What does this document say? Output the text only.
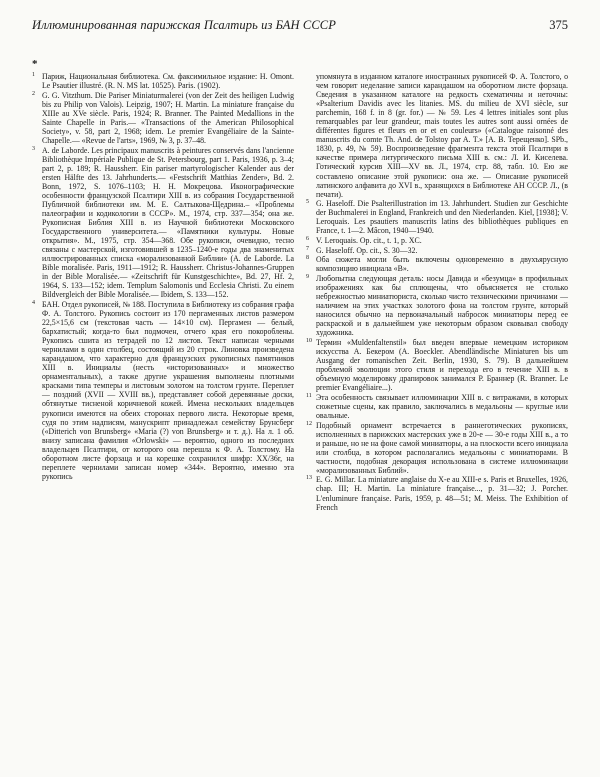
Иллюминированная парижская Псалтирь из БАН СССР	375
*
1 Париж, Национальная библиотека. См. факсимильное издание: H. Omont. Le Psautier illustré. (R. N. MS lat. 10525). Paris. (1902).
2 G. G. Vitzthum. Die Pariser Miniaturmalerei (von der Zeit des heiligen Ludwig bis zu Philip von Valois). Leipzig, 1907; H. Martin. La miniature française du XIIIe au XVe siècle. Paris, 1924; R. Branner. The Painted Medallions in the Sainte Chapelle in Paris.— «Transactions of the American Philosophical Society», v. 58, part 2, 1968; idem. Le premier Evangéliaire de la Sainte-Chapelle.— «Revue de l'arts», 1969, № 3, p. 37–48.
3 A. de Laborde. Les principaux manuscrits à peintures conservés dans l'ancienne Bibliothèque Impériale Publique de St. Petersbourg, part 1. Paris, 1936, p. 3–4; part 2, p. 189; R. Haussherr. Ein pariser martyrologischer Kalender aus der ersten Hälfte des 13. Jahrhunderts.— «Festschrift Matthias Zender», Bd. 2. Bonn, 1972, S. 1076–1103; Н. Н. Мокрецова. Иконографические особенности французской Псалтири XIII в. из собрания Государственной Публичной библиотеки им. М. Е. Салтыкова-Щедрина.– «Проблемы палеографии и кодикологии в СССР». М., 1974, стр. 337—354; она же. Рукописная Библия XIII в. из Научной библиотеки Московского Государственного университета.— «Памятники культуры. Новые открытия». М., 1975, стр. 354—368. Обе рукописи, очевидно, тесно связаны с мастерской, изготовившей в 1235–1240-е годы два знаменитых иллюстрированных списка «морализованной Библии» (A. de Laborde. La Bible moralisée. Paris, 1911—1912; R. Haussherr. Christus-Johannes-Gruppen in der Bible Moralisée.— «Zeitschrift für Kunstgeschichte», Bd. 27, Hf. 2, 1964, S. 133—152; idem. Templum Salomonis und Ecclesia Christi. Zu einem Bildvergleich der Bible Moralisée.— Ibidem, S. 133—152.
4 БАН. Отдел рукописей, № 188. Поступила в Библиотеку из собрания графа Ф. А. Толстого. Рукопись состоит из 170 пергаменных листов размером 22,5×15,6 см (текстовая часть — 14×10 см). Пергамен — белый, бархатистый; когда-то был подмочен, отчего края его покороблены. Рукопись сшита из тетрадей по 12 листов. Текст написан черными чернилами в один столбец, состоящий из 20 строк. Линовка произведена карандашом, что характерно для французских рукописных памятников XIII в. Инициалы (несть «историзованных» и множество орнаментальных), а также другие украшения выполнены плотными красками типа темперы и листовым золотом на толстом грунте. Переплет — поздний (XVII — XVIII вв.), представляет собой деревянные доски, обтянутые тисненой коричневой кожей. Имена нескольких владельцев рукописи имеются на обеих сторонах первого листа. Некоторые время, судя по этим надписям, манускрипт принадлежал семейству Брунсберг («Ditterich von Brunsberg» «Maria (?) von Brunsberg» и т. д.). На л. 1 об. внизу записана фамилия «Orlowski» — вероятно, одного из последних владельцев Псалтири, от которого она перешла к Ф. А. Толстому. На оборотном листе форзаца и на корешке сохранился шифр: XX/36r, на переплете чернилами записан номер «344». Вероятно, именно эта рукопись
упомянута в изданном каталоге иностранных рукописей Ф. А. Толстого, о чем говорит неделание записи карандашом на оборотном листе форзаца. Сведения в указанном каталоге на редкость схематичны и неточны: «Psalterium Davidis avec les litanies. MS. du milieu de XVI siècle, sur parchemin, 168 f. in 8 (gr. for.) — № 59. Les 4 lettres initiales sont plus remarquables par leur grandeur, mais toutes les autres sont aussi ornées de différentes figures et fleurs en or et en couleurs» («Catalogue raisonné des manuscrits du comte Th. And. de Tolstoy par A. T.» [А. В. Терещенко]. SPb., 1830, p. 49, № 59). Воспроизведение фрагмента текста этой Псалтири в качестве примера литургического письма XIII в. см.: Л. И. Киселева. Готический курсив XIII—XV вв. Л., 1974, стр. 88, табл. 10. Ею же составлено описание этой рукописи: она же. — Описание рукописей латинского алфавита до XVI в., хранящихся в Библиотеке АН СССР. Л., (в печати).
5 G. Haseloff. Die Psalterillustration im 13. Jahrhundert. Studien zur Geschichte der Buchmalerei in England, Frankreich und den Niederlanden. Kiel, [1938]; V. Leroquais. Les psautiers manuscrits latins des bibliothèques publiques en France, t. 1—2. Mâcon, 1940—1940.
6 V. Leroquais. Op. cit., t. 1, p. XC.
7 G. Haseloff. Op. cit., S. 30—32.
8 Оба сюжета могли быть включены одновременно в двухъярусную композицию инициала «B».
9 Любопытна следующая деталь: носы Давида и «безумца» в профильных изображениях как бы сплющены, что объясняется не столько небрежностью миниатюриста, сколько чисто техническими причинами — наличием на этих участках золотого фона на толстом грунте, который наносился обычно на первоначальный набросок миниатюры перед ее раскраской и в дальнейшем уже некоторым образом сковывал свободу художника.
10 Термин «Muldenfaltenstil» был введен впервые немецким историком искусства А. Бекером (A. Boeckler. Abendländische Miniaturen bis um Ausgang der romanischen Zeit. Berlin, 1930, S. 79). В дальнейшем проблемой эволюции этого стиля и перехода его в течение XIII в. в объемную моделировку драпировок занимался Р. Браннер (R. Branner. Le premier Evangéliaire...).
11 Эта особенность связывает иллюминации XIII в. с витражами, в которых сюжетные сцены, как правило, заключались в медальоны — круглые или овальные.
12 Подобный орнамент встречается в раннеготических рукописях, исполненных в парижских мастерских уже в 20-е — 30-е годы XIII в., а то и раньше, но не на фоне самой миниатюры, а на плоскости всего инициала или столбца, в котором располагались медальоны с миниатюрами. В частности, подобная декорация использована в системе иллюминации «морализованных Библий».
13 E. G. Millar. La miniature anglaise du X-e au XIII-e s. Paris et Bruxelles, 1926, chap. III; H. Martin. La miniature française..., p. 31—32; J. Porcher. L'enluminure française. Paris, 1959, p. 48—51; M. Meiss. The Exhibition of French
